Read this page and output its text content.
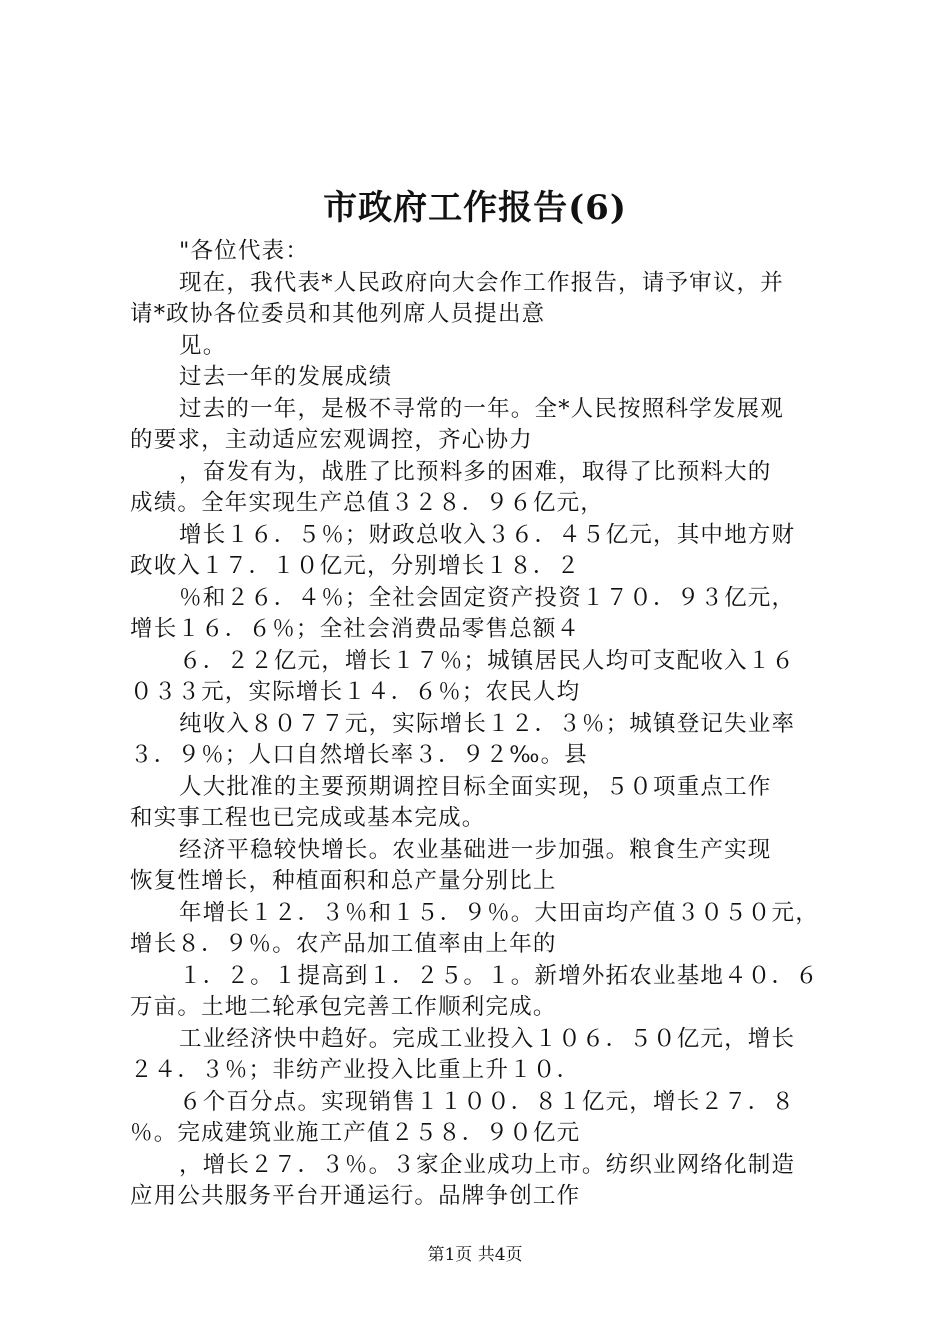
市政府工作报告(6)
"各位代表：
现在，我代表*人民政府向大会作工作报告，请予审议，并
请*政协各位委员和其他列席人员提出意
见。
过去一年的发展成绩
过去的一年，是极不寻常的一年。全*人民按照科学发展观
的要求，主动适应宏观调控，齐心协力
，奋发有为，战胜了比预料多的困难，取得了比预料大的
成绩。全年实现生产总值３２８．９６亿元，
增长１６．５％；财政总收入３６．４５亿元，其中地方财
政收入１７．１０亿元，分别增长１８．２
％和２６．４％；全社会固定资产投资１７０．９３亿元，
增长１６．６％；全社会消费品零售总额４
６．２２亿元，增长１７％；城镇居民人均可支配收入１６
０３３元，实际增长１４．６％；农民人均
纯收入８０７７元，实际增长１２．３％；城镇登记失业率
３．９％；人口自然增长率３．９２‰。县
人大批准的主要预期调控目标全面实现，５０项重点工作
和实事工程也已完成或基本完成。
经济平稳较快增长。农业基础进一步加强。粮食生产实现
恢复性增长，种植面积和总产量分别比上
年增长１２．３％和１５．９％。大田亩均产值３０５０元，
增长８．９％。农产品加工值率由上年的
１．２。１提高到１．２５。１。新增外拓农业基地４０．６
万亩。土地二轮承包完善工作顺利完成。
工业经济快中趋好。完成工业投入１０６．５０亿元，增长
２４．３％；非纺产业投入比重上升１０．
６个百分点。实现销售１１００．８１亿元，增长２７．８
％。完成建筑业施工产值２５８．９０亿元
，增长２７．３％。３家企业成功上市。纺织业网络化制造
应用公共服务平台开通运行。品牌争创工作
第1页 共4页
